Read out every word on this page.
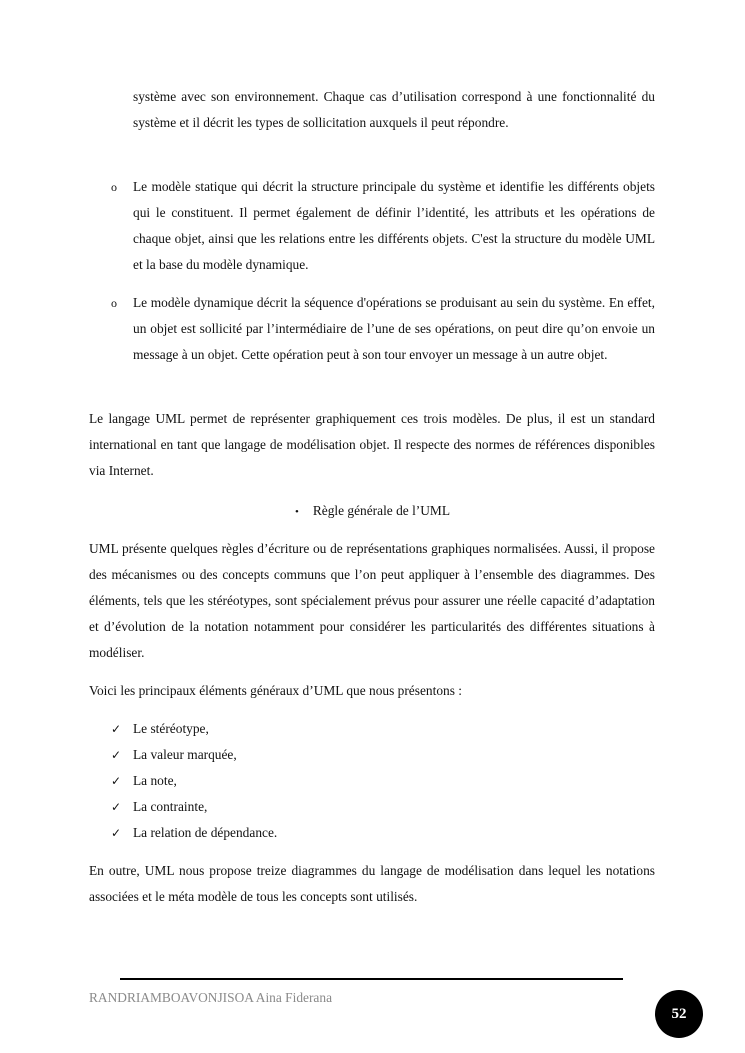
système avec son environnement. Chaque cas d’utilisation correspond à une fonctionnalité du système et il décrit les types de sollicitation auxquels il peut répondre.
o Le modèle statique qui décrit la structure principale du système et identifie les différents objets qui le constituent. Il permet également de définir l’identité, les attributs et les opérations de chaque objet, ainsi que les relations entre les différents objets. C'est la structure du modèle UML et la base du modèle dynamique.
o Le modèle dynamique décrit la séquence d'opérations se produisant au sein du système. En effet, un objet est sollicité par l’intermédiaire de l’une de ses opérations, on peut dire qu’on envoie un message à un objet. Cette opération peut à son tour envoyer un message à un autre objet.
Le langage UML permet de représenter graphiquement ces trois modèles. De plus, il est un standard international en tant que langage de modélisation objet. Il respecte des normes de références disponibles via Internet.
• Règle générale de l’UML
UML présente quelques règles d’écriture ou de représentations graphiques normalisées. Aussi, il propose des mécanismes ou des concepts communs que l’on peut appliquer à l’ensemble des diagrammes. Des éléments, tels que les stéréotypes, sont spécialement prévus pour assurer une réelle capacité d’adaptation et d’évolution de la notation notamment pour considérer les particularités des différentes situations à modéliser.
Voici les principaux éléments généraux d’UML que nous présentons :
✓ Le stéréotype,
✓ La valeur marquée,
✓ La note,
✓ La contrainte,
✓ La relation de dépendance.
En outre, UML nous propose treize diagrammes du langage de modélisation dans lequel les notations associées et le méta modèle de tous les concepts sont utilisés.
RANDRIAMBOAVONJISOA Aina Fiderana
52
